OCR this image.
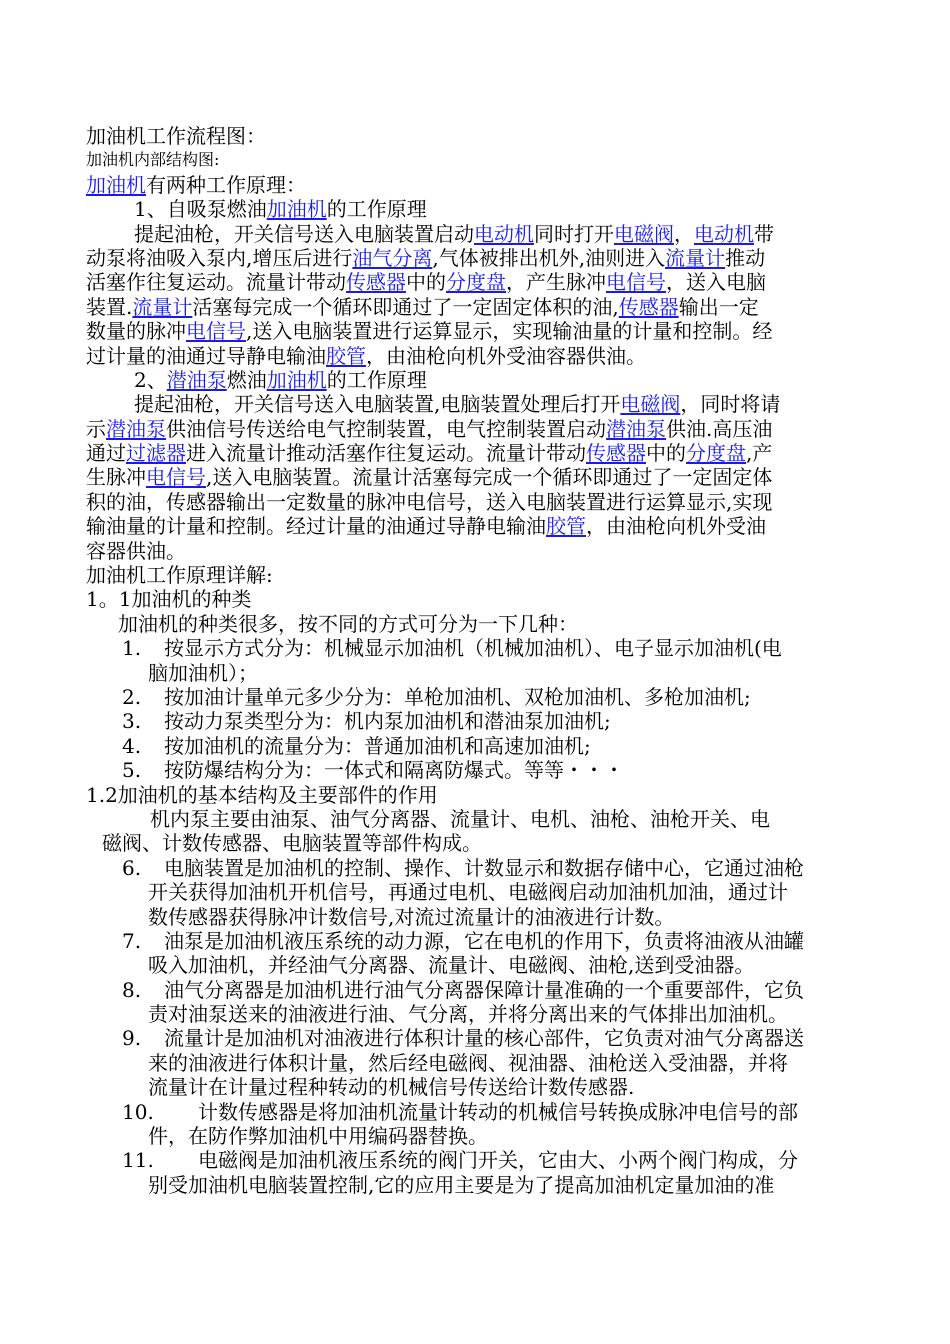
加油机工作流程图：
加油机内部结构图:
加油机有两种工作原理：
1、自吸泵燃油加油机的工作原理
提起油枪，开关信号送入电脑装置启动电动机同时打开电磁阀，电动机带
动泵将油吸入泵内,增压后进行油气分离,气体被排出机外,油则进入流量计推动
活塞作往复运动。流量计带动传感器中的分度盘，产生脉冲电信号，送入电脑
装置.流量计活塞每完成一个循环即通过了一定固定体积的油,传感器输出一定
数量的脉冲电信号,送入电脑装置进行运算显示，实现输油量的计量和控制。经
过计量的油通过导静电输油胶管，由油枪向机外受油容器供油。
2、潜油泵燃油加油机的工作原理
提起油枪，开关信号送入电脑装置,电脑装置处理后打开电磁阀，同时将请
示潜油泵供油信号传送给电气控制装置，电气控制装置启动潜油泵供油.高压油
通过过滤器进入流量计推动活塞作往复运动。流量计带动传感器中的分度盘,产
生脉冲电信号,送入电脑装置。流量计活塞每完成一个循环即通过了一定固定体
积的油，传感器输出一定数量的脉冲电信号，送入电脑装置进行运算显示,实现
输油量的计量和控制。经过计量的油通过导静电输油胶管，由油枪向机外受油
容器供油。
加油机工作原理详解:
1。1加油机的种类
加油机的种类很多，按不同的方式可分为一下几种：
1. 按显示方式分为：机械显示加油机（机械加油机）、电子显示加油机(电
脑加油机）；
2. 按加油计量单元多少分为：单枪加油机、双枪加油机、多枪加油机;
3. 按动力泵类型分为：机内泵加油机和潜油泵加油机;
4. 按加油机的流量分为：普通加油机和高速加油机;
5. 按防爆结构分为：一体式和隔离防爆式。等等・・・
1.2加油机的基本结构及主要部件的作用
机内泵主要由油泵、油气分离器、流量计、电机、油枪、油枪开关、电
磁阀、计数传感器、电脑装置等部件构成。
6. 电脑装置是加油机的控制、操作、计数显示和数据存储中心，它通过油枪
开关获得加油机开机信号，再通过电机、电磁阀启动加油机加油，通过计
数传感器获得脉冲计数信号,对流过流量计的油液进行计数。
7. 油泵是加油机液压系统的动力源，它在电机的作用下，负责将油液从油罐
吸入加油机，并经油气分离器、流量计、电磁阀、油枪,送到受油器。
8. 油气分离器是加油机进行油气分离器保障计量准确的一个重要部件，它负
责对油泵送来的油液进行油、气分离，并将分离出来的气体排出加油机。
9. 流量计是加油机对油液进行体积计量的核心部件，它负责对油气分离器送
来的油液进行体积计量，然后经电磁阀、视油器、油枪送入受油器，并将
流量计在计量过程种转动的机械信号传送给计数传感器.
10. 计数传感器是将加油机流量计转动的机械信号转换成脉冲电信号的部
件，在防作弊加油机中用编码器替换。
11. 电磁阀是加油机液压系统的阀门开关，它由大、小两个阀门构成，分
别受加油机电脑装置控制,它的应用主要是为了提高加油机定量加油的准
